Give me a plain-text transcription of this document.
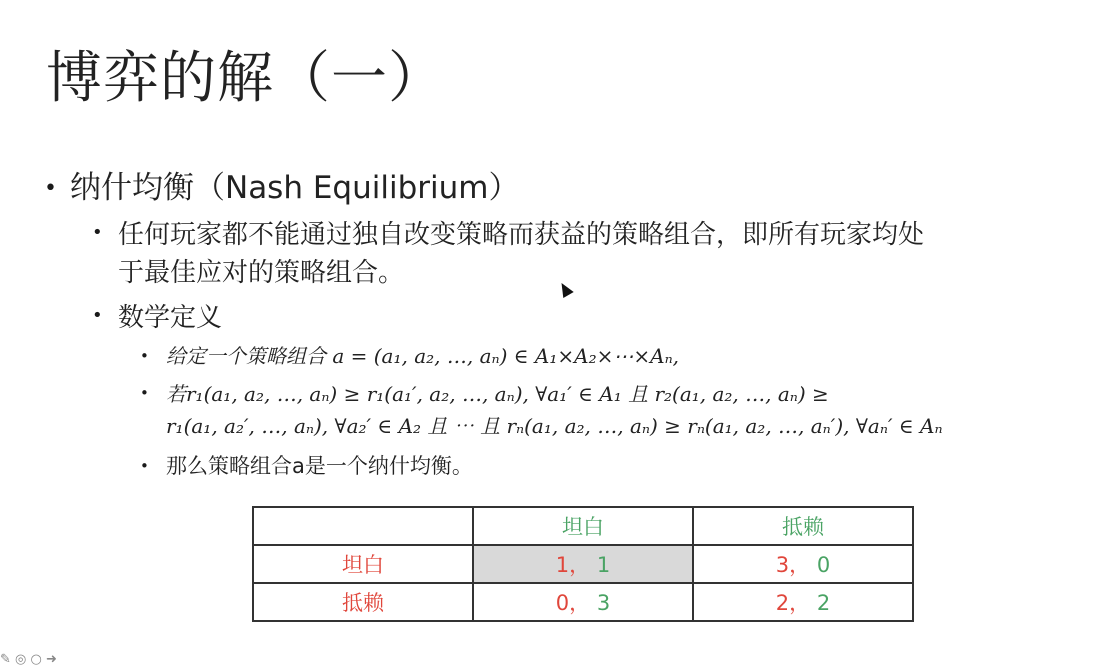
博弈的解（一）
• 纳什均衡（Nash Equilibrium）
• 任何玩家都不能通过独自改变策略而获益的策略组合，即所有玩家均处
于最佳应对的策略组合。
• 数学定义
• 给定一个策略组合 a = (a₁, a₂, …, aₙ) ∈ A₁×A₂×⋯×Aₙ,
• 若r₁(a₁, a₂, …, aₙ) ≥ r₁(a₁′, a₂, …, aₙ), ∀a₁′ ∈ A₁ 且 r₂(a₁, a₂, …, aₙ) ≥
r₁(a₁, a₂′, …, aₙ), ∀a₂′ ∈ A₂ 且 ⋯ 且 rₙ(a₁, a₂, …, aₙ) ≥ rₙ(a₁, a₂, …, aₙ′), ∀aₙ′ ∈ Aₙ
• 那么策略组合a是一个纳什均衡。
	坦白	抵赖
坦白	1， 1	3， 0
抵赖	0， 3	2， 2
✎ ◎ ○ ➜
